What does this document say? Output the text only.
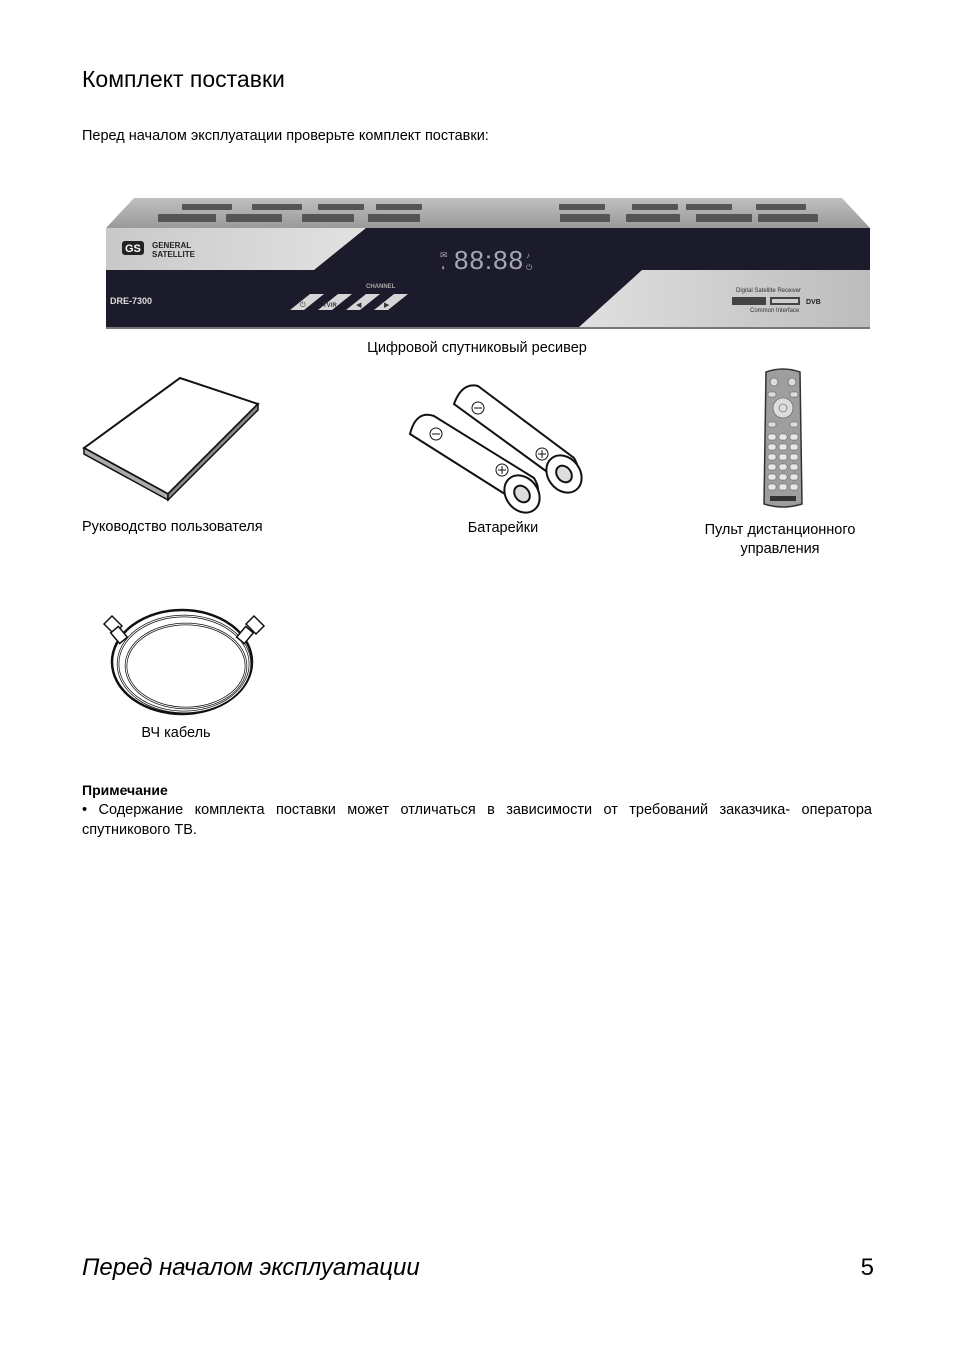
Комплект поставки
Перед началом эксплуатации проверьте комплект поставки:
GS GENERAL
SATELLITE
DRE-7300
CHANNEL
⏻	TV/R	◀	▶
88:88
✉
◑
♪
⏻
Digital Satellite Receiver
DVB
Common Interface
Цифровой спутниковый ресивер
Руководство пользователя	Батарейки	Пульт дистанционного
управления
ВЧ кабель
Примечание
• Содержание комплекта поставки может отличаться в зависимости от требований заказчика- оператора спутникового ТВ.
Перед началом эксплуатации	5
